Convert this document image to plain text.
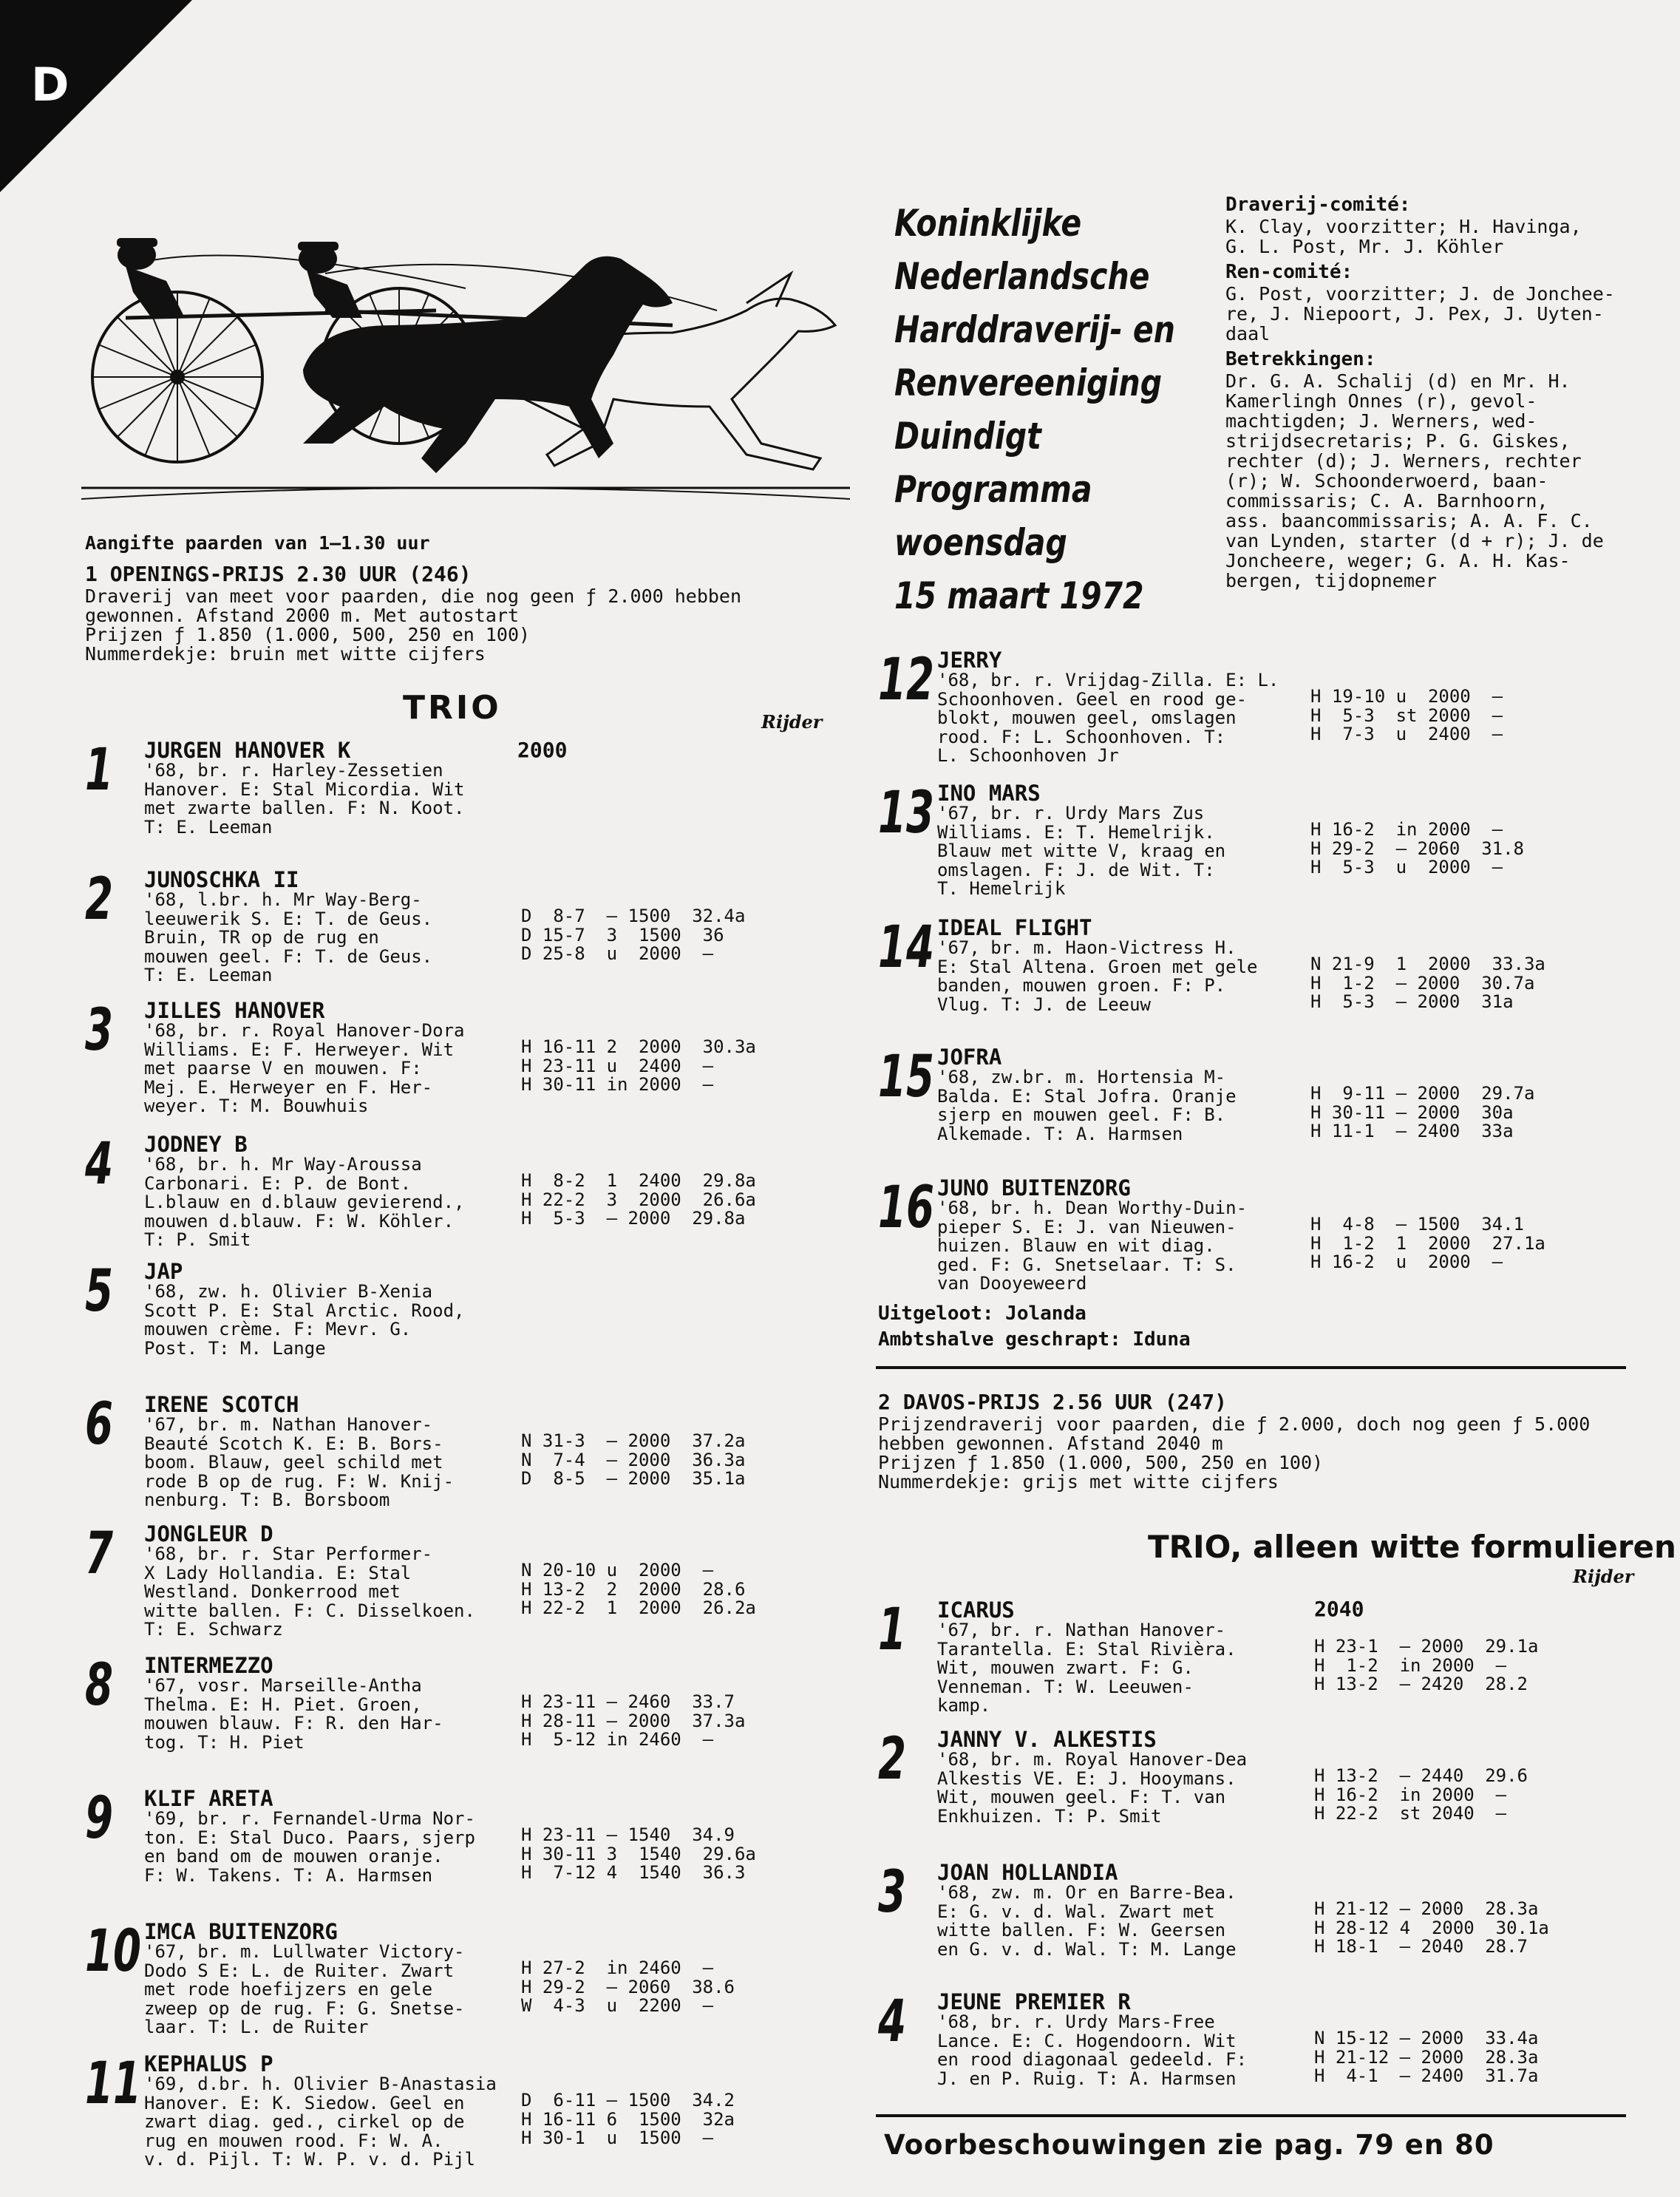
D
Koninklijke
Nederlandsche
Harddraverij- en
Renvereeniging
Duindigt
Programma
woensdag
15 maart 1972
Draverij-comité:
K. Clay, voorzitter; H. Havinga,
G. L. Post, Mr. J. Köhler
Ren-comité:
G. Post, voorzitter; J. de Jonchee-
re, J. Niepoort, J. Pex, J. Uyten-
daal
Betrekkingen:
Dr. G. A. Schalij (d) en Mr. H.
Kamerlingh Onnes (r), gevol-
machtigden; J. Werners, wed-
strijdsecretaris; P. G. Giskes,
rechter (d); J. Werners, rechter
(r); W. Schoonderwoerd, baan-
commissaris; C. A. Barnhoorn,
ass. baancommissaris; A. A. F. C.
van Lynden, starter (d + r); J. de
Joncheere, weger; G. A. H. Kas-
bergen, tijdopnemer
Aangifte paarden van 1—1.30 uur
1 OPENINGS-PRIJS 2.30 UUR (246)
Draverij van meet voor paarden, die nog geen ƒ 2.000 hebben
gewonnen. Afstand 2000 m. Met autostart
Prijzen ƒ 1.850 (1.000, 500, 250 en 100)
Nummerdekje: bruin met witte cijfers
TRIO	Rijder
2000
1 JURGEN HANOVER K
'68, br. r. Harley-Zessetien
Hanover. E: Stal Micordia. Wit
met zwarte ballen. F: N. Koot.
T: E. Leeman
2 JUNOSCHKA II
'68, l.br. h. Mr Way-Berg-
leeuwerik S. E: T. de Geus.
Bruin, TR op de rug en
mouwen geel. F: T. de Geus.
T: E. Leeman
D  8-7  — 1500  32.4a
D 15-7  3  1500  36
D 25-8  u  2000  —
3 JILLES HANOVER
'68, br. r. Royal Hanover-Dora
Williams. E: F. Herweyer. Wit
met paarse V en mouwen. F:
Mej. E. Herweyer en F. Her-
weyer. T: M. Bouwhuis
H 16-11 2  2000  30.3a
H 23-11 u  2400  —
H 30-11 in 2000  —
4 JODNEY B
'68, br. h. Mr Way-Aroussa
Carbonari. E: P. de Bont.
L.blauw en d.blauw gevierend.,
mouwen d.blauw. F: W. Köhler.
T: P. Smit
H  8-2  1  2400  29.8a
H 22-2  3  2000  26.6a
H  5-3  — 2000  29.8a
5 JAP
'68, zw. h. Olivier B-Xenia
Scott P. E: Stal Arctic. Rood,
mouwen crème. F: Mevr. G.
Post. T: M. Lange
6 IRENE SCOTCH
'67, br. m. Nathan Hanover-
Beauté Scotch K. E: B. Bors-
boom. Blauw, geel schild met
rode B op de rug. F: W. Knij-
nenburg. T: B. Borsboom
N 31-3  — 2000  37.2a
N  7-4  — 2000  36.3a
D  8-5  — 2000  35.1a
7 JONGLEUR D
'68, br. r. Star Performer-
X Lady Hollandia. E: Stal
Westland. Donkerrood met
witte ballen. F: C. Disselkoen.
T: E. Schwarz
N 20-10 u  2000  —
H 13-2  2  2000  28.6
H 22-2  1  2000  26.2a
8 INTERMEZZO
'67, vosr. Marseille-Antha
Thelma. E: H. Piet. Groen,
mouwen blauw. F: R. den Har-
tog. T: H. Piet
H 23-11 — 2460  33.7
H 28-11 — 2000  37.3a
H  5-12 in 2460  —
9 KLIF ARETA
'69, br. r. Fernandel-Urma Nor-
ton. E: Stal Duco. Paars, sjerp
en band om de mouwen oranje.
F: W. Takens. T: A. Harmsen
H 23-11 — 1540  34.9
H 30-11 3  1540  29.6a
H  7-12 4  1540  36.3
10 IMCA BUITENZORG
'67, br. m. Lullwater Victory-
Dodo S E: L. de Ruiter. Zwart
met rode hoefijzers en gele
zweep op de rug. F: G. Snetse-
laar. T: L. de Ruiter
H 27-2  in 2460  —
H 29-2  — 2060  38.6
W  4-3  u  2200  —
11 KEPHALUS P
'69, d.br. h. Olivier B-Anastasia
Hanover. E: K. Siedow. Geel en
zwart diag. ged., cirkel op de
rug en mouwen rood. F: W. A.
v. d. Pijl. T: W. P. v. d. Pijl
D  6-11 — 1500  34.2
H 16-11 6  1500  32a
H 30-1  u  1500  —
12 JERRY
'68, br. r. Vrijdag-Zilla. E: L.
Schoonhoven. Geel en rood ge-
blokt, mouwen geel, omslagen
rood. F: L. Schoonhoven. T:
L. Schoonhoven Jr
H 19-10 u  2000  —
H  5-3  st 2000  —
H  7-3  u  2400  —
13 INO MARS
'67, br. r. Urdy Mars Zus
Williams. E: T. Hemelrijk.
Blauw met witte V, kraag en
omslagen. F: J. de Wit. T:
T. Hemelrijk
H 16-2  in 2000  —
H 29-2  — 2060  31.8
H  5-3  u  2000  —
14 IDEAL FLIGHT
'67, br. m. Haon-Victress H.
E: Stal Altena. Groen met gele
banden, mouwen groen. F: P.
Vlug. T: J. de Leeuw
N 21-9  1  2000  33.3a
H  1-2  — 2000  30.7a
H  5-3  — 2000  31a
15 JOFRA
'68, zw.br. m. Hortensia M-
Balda. E: Stal Jofra. Oranje
sjerp en mouwen geel. F: B.
Alkemade. T: A. Harmsen
H  9-11 — 2000  29.7a
H 30-11 — 2000  30a
H 11-1  — 2400  33a
16 JUNO BUITENZORG
'68, br. h. Dean Worthy-Duin-
pieper S. E: J. van Nieuwen-
huizen. Blauw en wit diag.
ged. F: G. Snetselaar. T: S.
van Dooyeweerd
H  4-8  — 1500  34.1
H  1-2  1  2000  27.1a
H 16-2  u  2000  —
Uitgeloot: Jolanda
Ambtshalve geschrapt: Iduna
2 DAVOS-PRIJS 2.56 UUR (247)
Prijzendraverij voor paarden, die ƒ 2.000, doch nog geen ƒ 5.000
hebben gewonnen. Afstand 2040 m
Prijzen ƒ 1.850 (1.000, 500, 250 en 100)
Nummerdekje: grijs met witte cijfers
TRIO, alleen witte formulieren
Rijder
2040
1 ICARUS
'67, br. r. Nathan Hanover-
Tarantella. E: Stal Rivièra.
Wit, mouwen zwart. F: G.
Venneman. T: W. Leeuwen-
kamp.
H 23-1  — 2000  29.1a
H  1-2  in 2000  —
H 13-2  — 2420  28.2
2 JANNY V. ALKESTIS
'68, br. m. Royal Hanover-Dea
Alkestis VE. E: J. Hooymans.
Wit, mouwen geel. F: T. van
Enkhuizen. T: P. Smit
H 13-2  — 2440  29.6
H 16-2  in 2000  —
H 22-2  st 2040  —
3 JOAN HOLLANDIA
'68, zw. m. Or en Barre-Bea.
E: G. v. d. Wal. Zwart met
witte ballen. F: W. Geersen
en G. v. d. Wal. T: M. Lange
H 21-12 — 2000  28.3a
H 28-12 4  2000  30.1a
H 18-1  — 2040  28.7
4 JEUNE PREMIER R
'68, br. r. Urdy Mars-Free
Lance. E: C. Hogendoorn. Wit
en rood diagonaal gedeeld. F:
J. en P. Ruig. T: A. Harmsen
N 15-12 — 2000  33.4a
H 21-12 — 2000  28.3a
H  4-1  — 2400  31.7a
Voorbeschouwingen zie pag. 79 en 80
